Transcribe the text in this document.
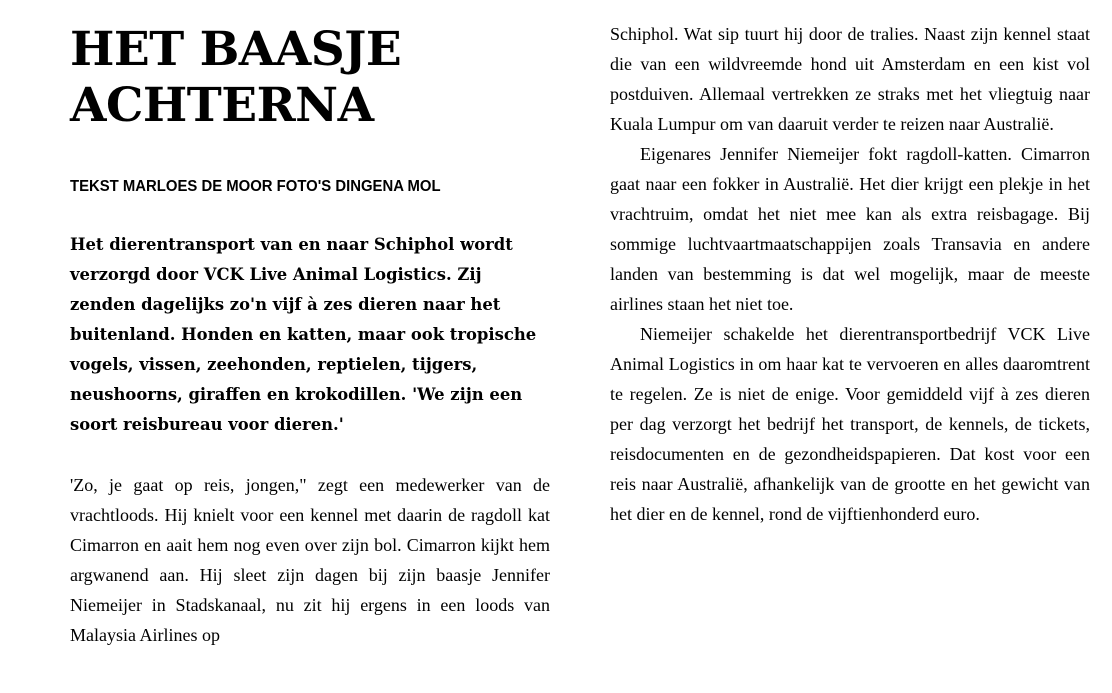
HET BAASJE ACHTERNA
TEKST MARLOES DE MOOR FOTO'S DINGENA MOL

Het dierentransport van en naar Schiphol wordt verzorgd door VCK Live Animal Logistics. Zij zenden dagelijks zo'n vijf à zes dieren naar het buitenland. Honden en katten, maar ook tropische vogels, vissen, zeehonden, reptielen, tijgers, neushoorns, giraffen en krokodillen. 'We zijn een soort reisbureau voor dieren.'

'Zo, je gaat op reis, jongen," zegt een medewerker van de vrachtloods. Hij knielt voor een kennel met daarin de ragdoll kat Cimarron en aait hem nog even over zijn bol. Cimarron kijkt hem argwanend aan. Hij sleet zijn dagen bij zijn baasje Jennifer Niemeijer in Stadskanaal, nu zit hij ergens in een loods van Malaysia Airlines op

Schiphol. Wat sip tuurt hij door de tralies. Naast zijn kennel staat die van een wildvreemde hond uit Amsterdam en een kist vol postduiven. Allemaal vertrekken ze straks met het vliegtuig naar Kuala Lumpur om van daaruit verder te reizen naar Australië.

Eigenares Jennifer Niemeijer fokt ragdoll-katten. Cimarron gaat naar een fokker in Australië. Het dier krijgt een plekje in het vrachtruim, omdat het niet mee kan als extra reisbagage. Bij sommige luchtvaartmaatschappijen zoals Transavia en andere landen van bestemming is dat wel mogelijk, maar de meeste airlines staan het niet toe.

Niemeijer schakelde het dierentransportbedrijf VCK Live Animal Logistics in om haar kat te vervoeren en alles daaromtrent te regelen. Ze is niet de enige. Voor gemiddeld vijf à zes dieren per dag verzorgt het bedrijf het transport, de kennels, de tickets, reisdocumenten en de gezondheidspapieren. Dat kost voor een reis naar Australië, afhankelijk van de grootte en het gewicht van het dier en de kennel, rond de vijftienhonderd euro.
